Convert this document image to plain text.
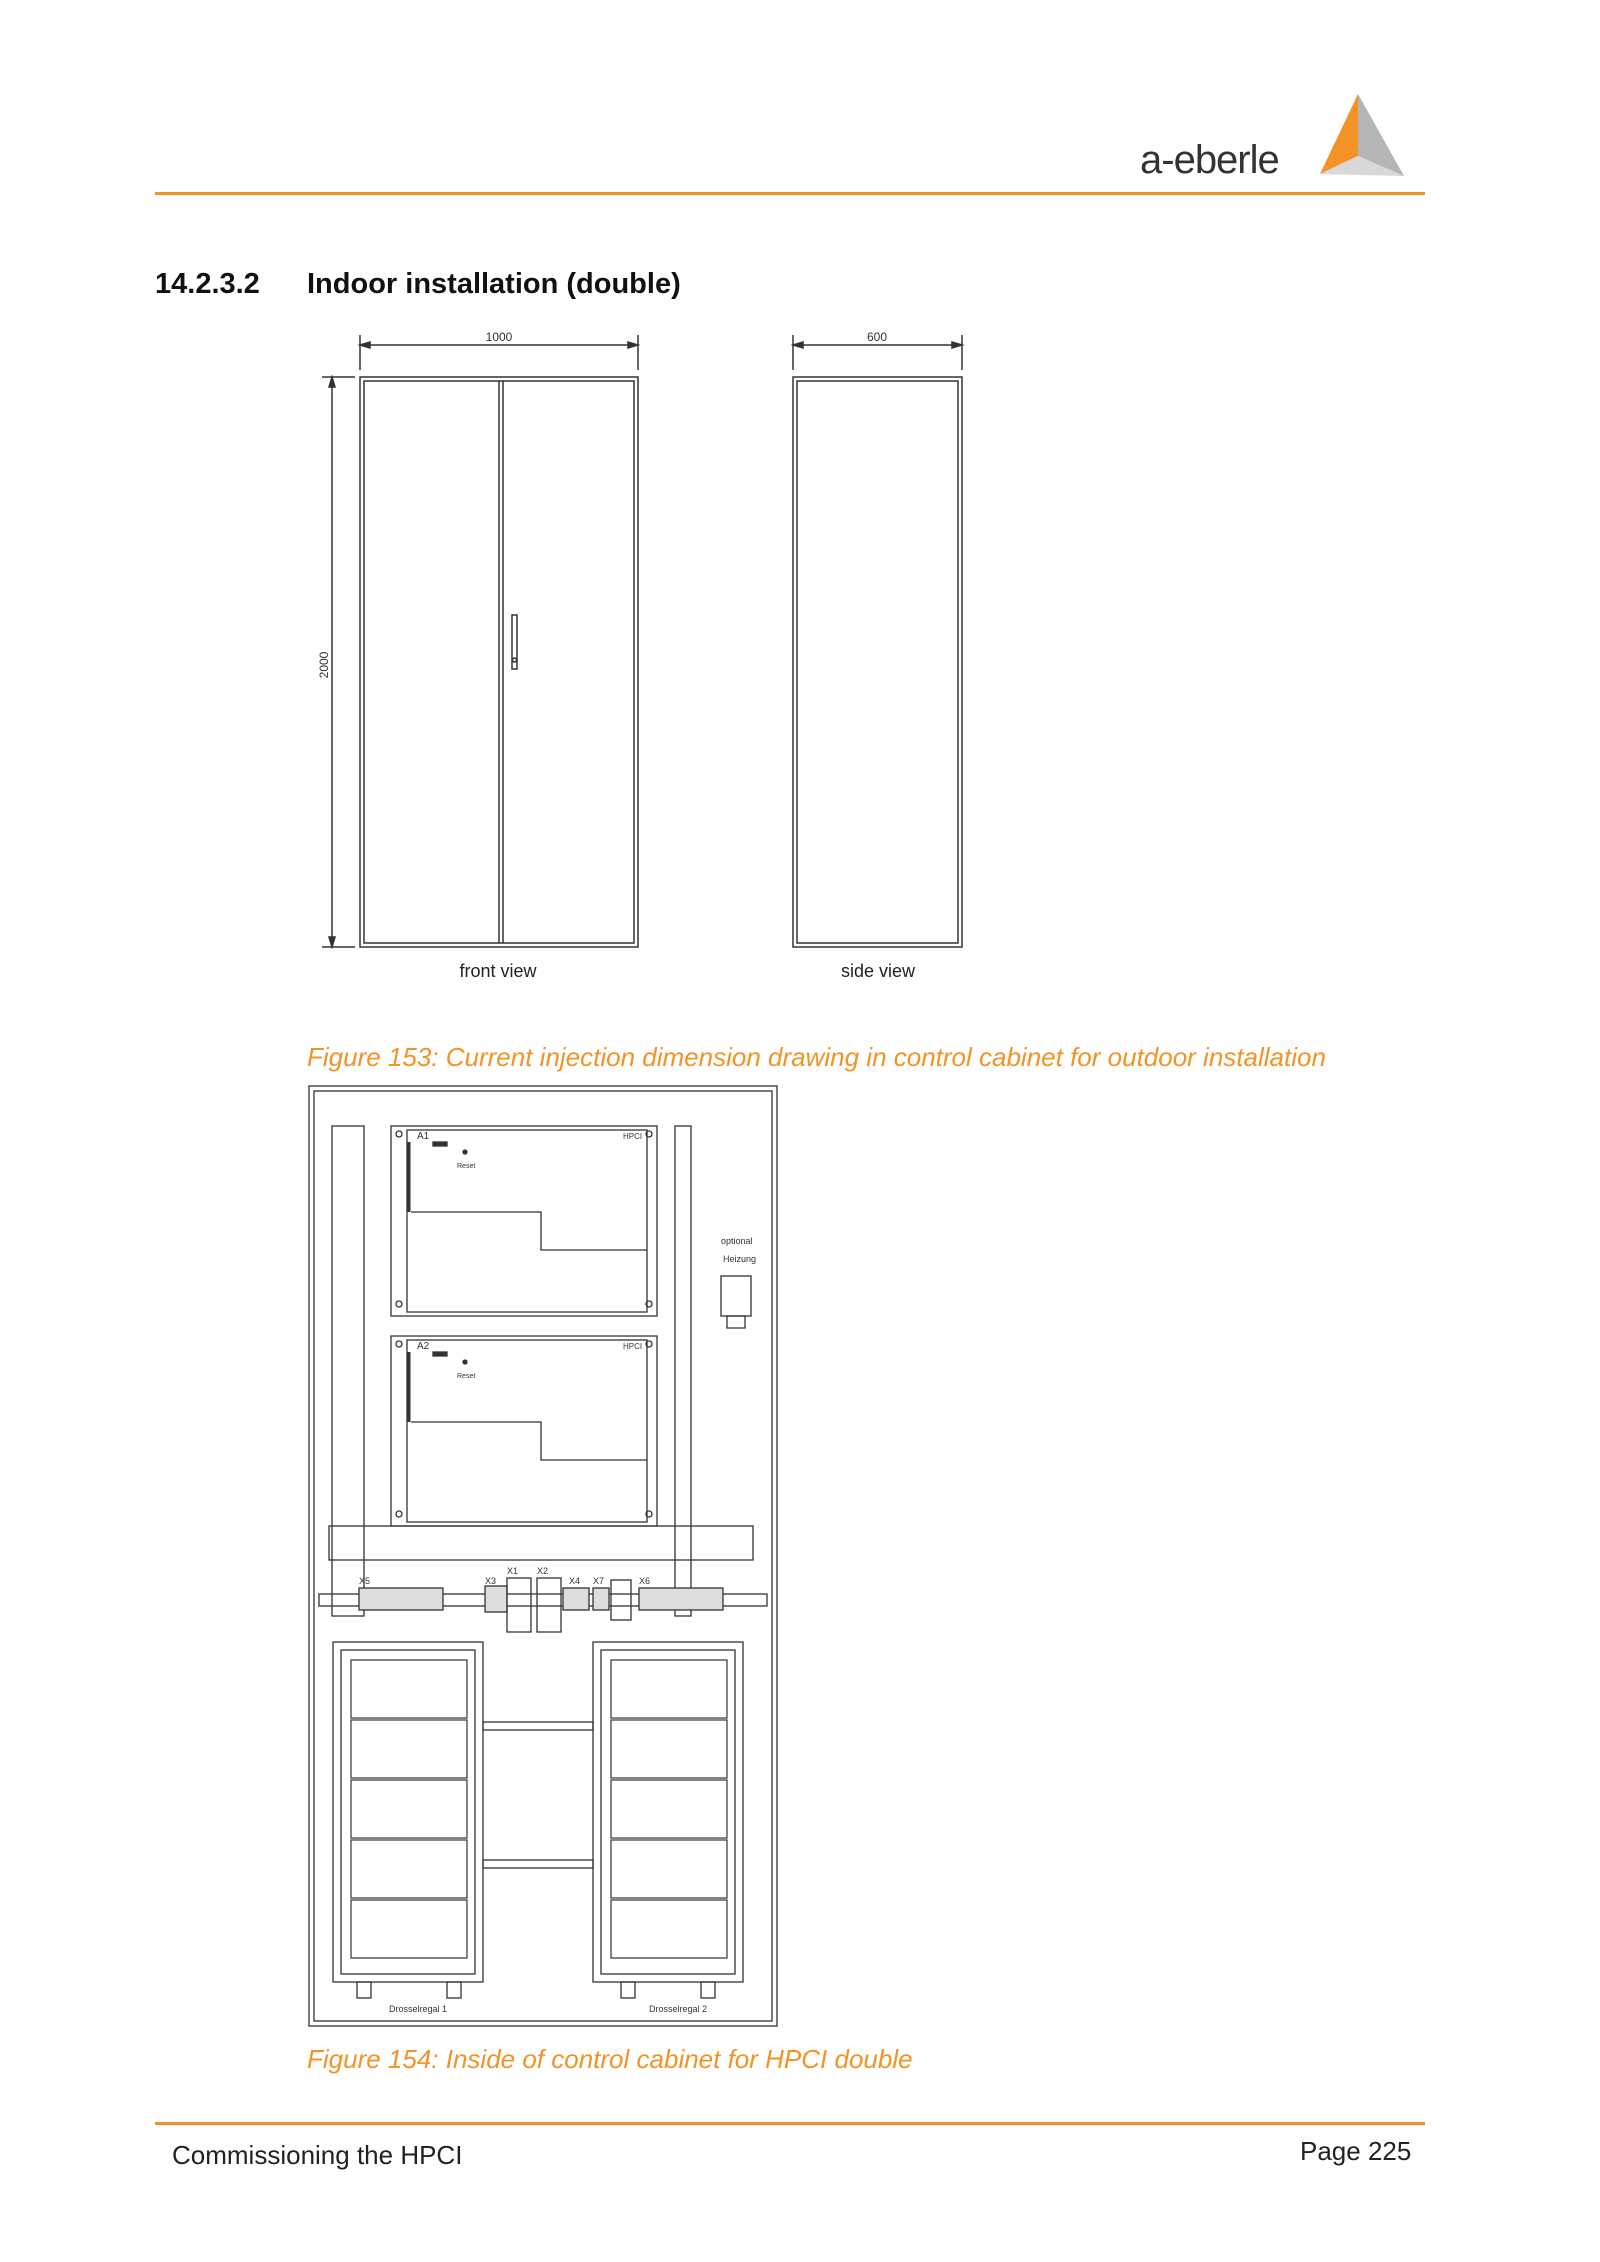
a-eberle
14.2.3.2 Indoor installation (double)
1000	600
2000
front view	side view
Figure 153: Current injection dimension drawing in control cabinet for outdoor installation
A1	HPCI
Reset
A2	HPCI
Reset
optional
Heizung
X5	X3
X1 X2
X4 X7	X6
Drosselregal 1	Drosselregal 2
Figure 154: Inside of control cabinet for HPCI double
Commissioning the HPCI	Page 225
